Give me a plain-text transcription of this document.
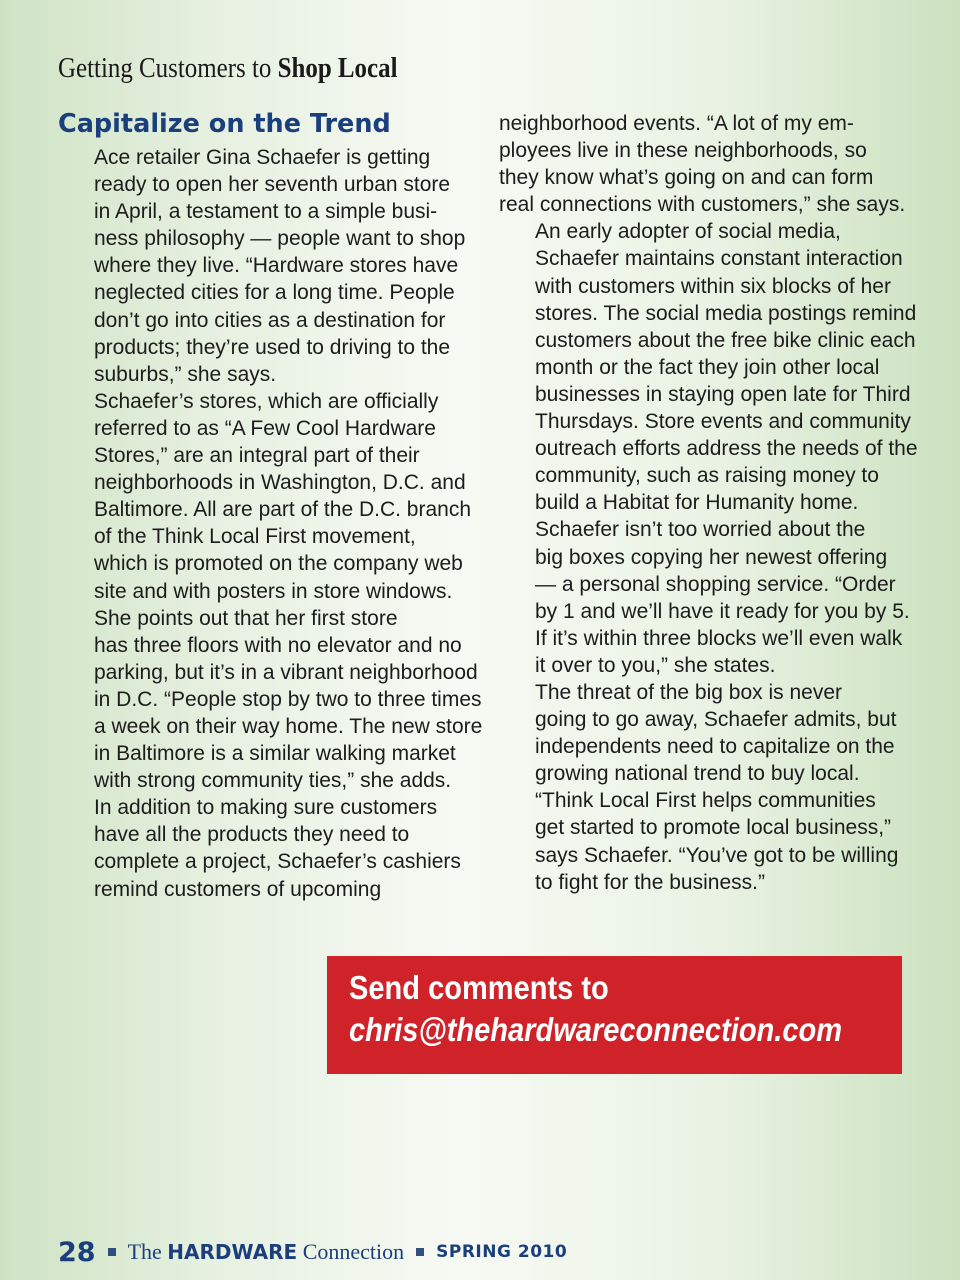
Getting Customers to Shop Local
Capitalize on the Trend

Ace retailer Gina Schaefer is getting
ready to open her seventh urban store
in April, a testament to a simple busi-
ness philosophy — people want to shop
where they live. “Hardware stores have
neglected cities for a long time. People
don’t go into cities as a destination for
products; they’re used to driving to the
suburbs,” she says.

Schaefer’s stores, which are officially
referred to as “A Few Cool Hardware
Stores,” are an integral part of their
neighborhoods in Washington, D.C. and
Baltimore. All are part of the D.C. branch
of the Think Local First movement,
which is promoted on the company web
site and with posters in store windows.

She points out that her first store
has three floors with no elevator and no
parking, but it’s in a vibrant neighborhood
in D.C. “People stop by two to three times
a week on their way home. The new store
in Baltimore is a similar walking market
with strong community ties,” she adds.

In addition to making sure customers
have all the products they need to
complete a project, Schaefer’s cashiers
remind customers of upcoming

neighborhood events. “A lot of my em-
ployees live in these neighborhoods, so
they know what’s going on and can form
real connections with customers,” she says.

An early adopter of social media,
Schaefer maintains constant interaction
with customers within six blocks of her
stores. The social media postings remind
customers about the free bike clinic each
month or the fact they join other local
businesses in staying open late for Third
Thursdays. Store events and community
outreach efforts address the needs of the
community, such as raising money to
build a Habitat for Humanity home.

Schaefer isn’t too worried about the
big boxes copying her newest offering
— a personal shopping service. “Order
by 1 and we’ll have it ready for you by 5.
If it’s within three blocks we’ll even walk
it over to you,” she states.

The threat of the big box is never
going to go away, Schaefer admits, but
independents need to capitalize on the
growing national trend to buy local.
“Think Local First helps communities
get started to promote local business,”
says Schaefer. “You’ve got to be willing
to fight for the business.”

Send comments to
chris@thehardwareconnection.com
28 The HARDWARE Connection SPRING 2010
